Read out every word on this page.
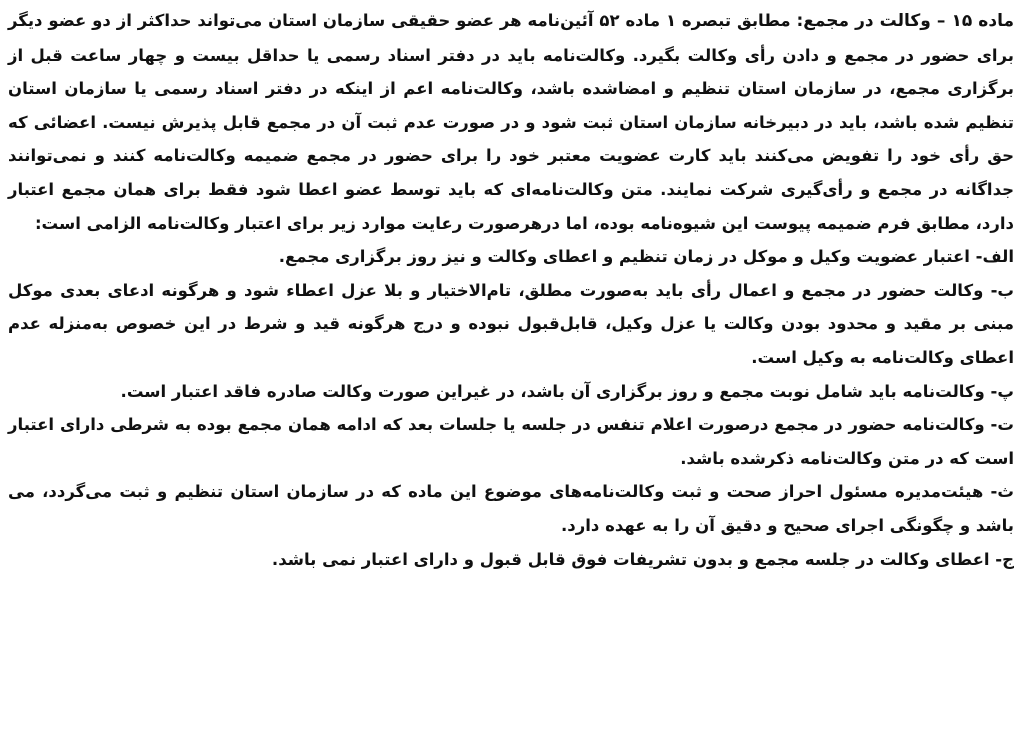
ماده ۱۵ – وکالت در مجمع: مطابق تبصره ۱ ماده ۵۲ آئین‌نامه هر عضو حقیقی سازمان استان می‌تواند حداکثر از دو عضو دیگر برای حضور در مجمع و دادن رأی وکالت بگیرد. وکالت‌نامه باید در دفتر اسناد رسمی یا حداقل بیست و چهار ساعت قبل از برگزاری مجمع، در سازمان استان تنظیم و امضاشده باشد، وکالت‌نامه اعم از اینکه در دفتر اسناد رسمی یا سازمان استان تنظیم شده باشد، باید در دبیرخانه سازمان استان ثبت شود و در صورت عدم ثبت آن در مجمع قابل پذیرش نیست. اعضائی که حق رأی خود را تفویض می‌کنند باید کارت عضویت معتبر خود را برای حضور در مجمع ضمیمه وکالت‌نامه کنند و نمی‌توانند جداگانه در مجمع و رأی‌گیری شرکت نمایند. متن وکالت‌نامه‌ای که باید توسط عضو اعطا شود فقط برای همان مجمع اعتبار دارد، مطابق فرم ضمیمه پیوست این شیوه‌نامه بوده، اما درهرصورت رعایت موارد زیر برای اعتبار وکالت‌نامه الزامی است:

الف- اعتبار عضویت وکیل و موکل در زمان تنظیم و اعطای وکالت و نیز روز برگزاری مجمع.

ب- وکالت حضور در مجمع و اعمال رأی باید به‌صورت مطلق، تام‌الاختیار و بلا عزل اعطاء شود و هرگونه ادعای بعدی موکل مبنی بر مقید و محدود بودن وکالت یا عزل وکیل، قابل‌قبول نبوده و درج هرگونه قید و شرط در این خصوص به‌منزله عدم اعطای وکالت‌نامه به وکیل است.

پ- وکالت‌نامه باید شامل نوبت مجمع و روز برگزاری آن باشد، در غیراین صورت وکالت صادره فاقد اعتبار است.

ت- وکالت‌نامه حضور در مجمع درصورت اعلام تنفس در جلسه یا جلسات بعد که ادامه همان مجمع بوده به شرطی دارای اعتبار است که در متن وکالت‌نامه ذکرشده باشد.

ث- هیئت‌مدیره مسئول احراز صحت و ثبت وکالت‌نامه‌های موضوع این ماده که در سازمان استان تنظیم و ثبت می‌گردد، می باشد و چگونگی اجرای صحیح و دقیق آن را به عهده دارد.

ج- اعطای وکالت در جلسه مجمع و بدون تشریفات فوق قابل قبول و دارای اعتبار نمی باشد.
